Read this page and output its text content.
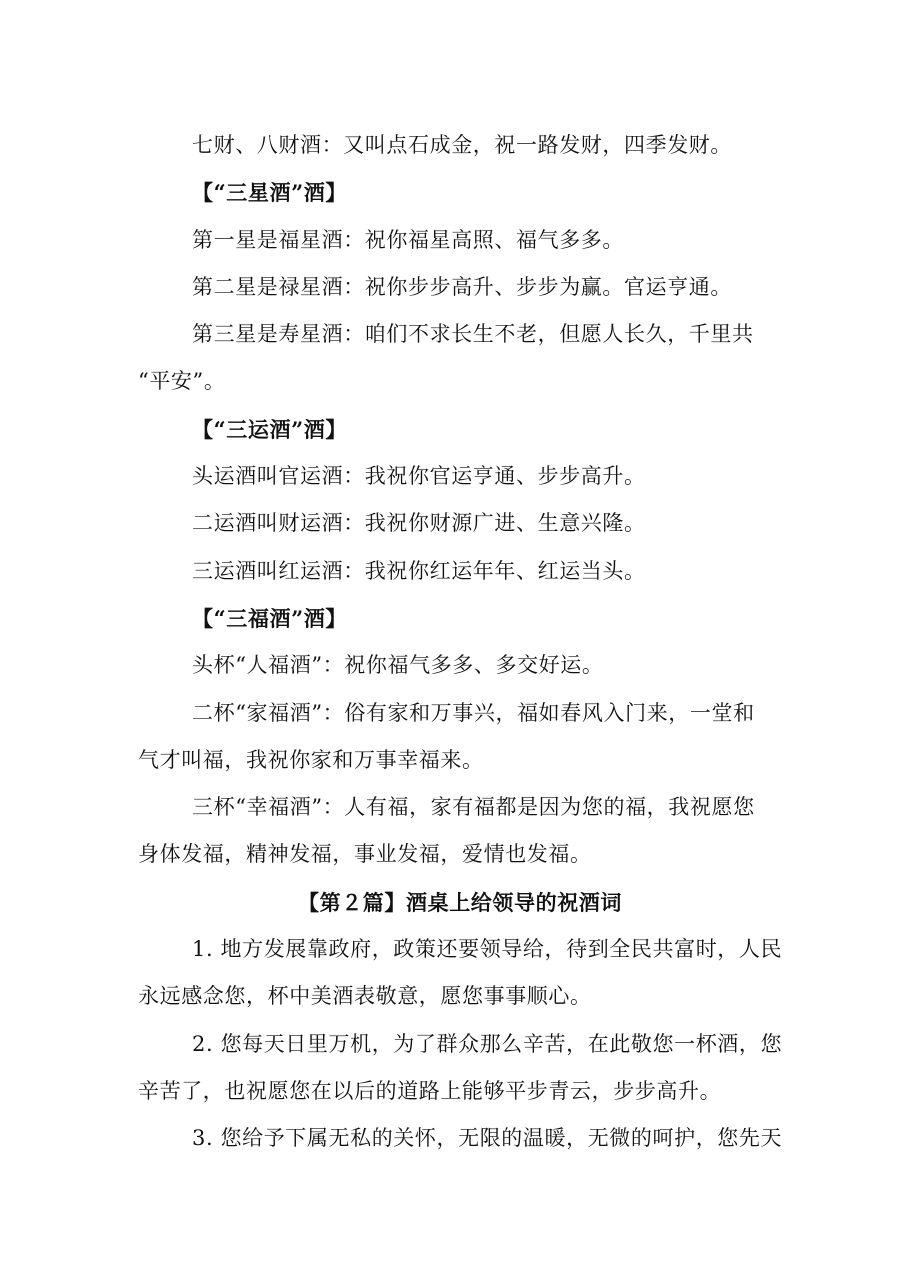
七财、八财酒：又叫点石成金，祝一路发财，四季发财。

【“三星酒”酒】

第一星是福星酒：祝你福星高照、福气多多。

第二星是禄星酒：祝你步步高升、步步为赢。官运亨通。

第三星是寿星酒：咱们不求长生不老，但愿人长久，千里共
“平安”。

【“三运酒”酒】

头运酒叫官运酒：我祝你官运亨通、步步高升。

二运酒叫财运酒：我祝你财源广进、生意兴隆。

三运酒叫红运酒：我祝你红运年年、红运当头。

【“三福酒”酒】

头杯“人福酒”：祝你福气多多、多交好运。

二杯“家福酒”：俗有家和万事兴，福如春风入门来，一堂和
气才叫福，我祝你家和万事幸福来。

三杯“幸福酒”：人有福，家有福都是因为您的福，我祝愿您
身体发福，精神发福，事业发福，爱情也发福。

【第２篇】酒桌上给领导的祝酒词

1. 地方发展靠政府，政策还要领导给，待到全民共富时，人民
永远感念您，杯中美酒表敬意，愿您事事顺心。

2. 您每天日里万机，为了群众那么辛苦，在此敬您一杯酒，您
辛苦了，也祝愿您在以后的道路上能够平步青云，步步高升。

3. 您给予下属无私的关怀，无限的温暖，无微的呵护，您先天
